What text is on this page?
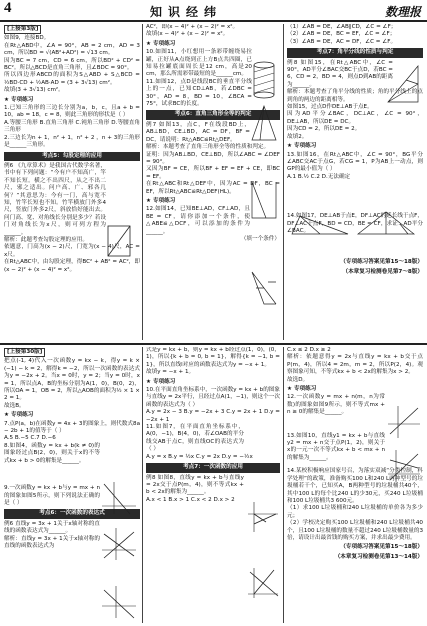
4	知识经纬	数理报
[上接第3版]

如图9，连接BD。

在Rt△ABD中，∠A = 90°，AB = 2 cm，AD = 3 cm，所以BD = √(AB²+AD²) = √13 cm。

因为BC = 7 cm，CD = 6 cm，所以BD² + CD² = BC²。所以△BCD是直角三角形，且∠BDC = 90°。

所以四边形ABCD的面积为S△ABD + S△BCD = ½BD·CD + ½AB·AD = (3 + 3√13) cm²。

故填(3 + 3√13) cm²。

★ 专项练习

1.已知三角形的三边长分别为a，b，c，且a + b = 10，ab = 18，c = 8，则此三角形的形状是（ ）

A.等腰三角形 B.直角三角形 C.钝角三角形 D.等腰直角三角形

2.三边长为n + 1，n² + 1，n² + 2 ，n + 3的三角形是______三角形。

考点5：勾股定理的应用

例6 《九章算术》是我国古代数学名著，书中有下列问题：“今有户不知高广，竿不知长短。横之不出四尺，从之不出二尺，邪之适出。问户高、广、邪各几何？”其意思为：今有一门，高与宽不知，竹竿长短也不知。竹竿横放门外多4尺，竖放门外多2尺，斜放恰好能出去。问门高、宽、对角线长分别是多少？若设门对角线长为x尺，则可列方程为______。

解析：此题考查勾股定理的应用。

依题意，门高为(x − 2)尺，门宽为(x − 4)尺，AC = x尺。

在Rt△ABC中，由勾股定理，得BC² + AB² = AC²，即(x − 2)² + (x − 4)² = x²。

AC²，即(x − 4)² + (x − 2)² = x²。

故填(x − 4)² + (x − 2)² = x²。

★ 专项练习

10.如图11，小红想用一条彩带缠绕易拉罐，正好从A点绕到正上方B点共四圈，已知易拉罐底面周长是12 cm，高是20 cm，那么所需彩带最短的是______cm。

11.如图12，点D是线段BC的垂直平分线上的一点，已知CD⊥AB，若∠DBC = 30°，AD = 8，BD = 10，∠BCA = 75°，试求BC的长度。

考点6：直角三角形全等的判定

例7 如图13，点C，F在线段BD上，AB⊥BD，CE⊥BD，AC = DF，BF = DC，请说明：Rt△ABC≌Rt△DEF。

解析：本题考查了直角三角形全等的性质和判定。

证明：因为AB⊥BD，CE⊥BD，所以∠ABC = ∠DEF = 90°。

又因为BF = CE，所以BF + EF = EF + CE，即BC = EF。

在Rt△ABC和Rt△DEF中，因为AC = DF，BC = EF，所以Rt△ABC≌Rt△DEF(HL)。

★ 专项练习

12.如图14，已知BE⊥AD，CF⊥AD，且BE = CF，请你添加一个条件，使△ABE≌△DCF，可以添加的条件为______。

（填一个条件）

（1）∠AB = DE，∠AB∥CD，∠C = ∠F；

（2）∠AB = DE，BC = EF，∠C = ∠F；

（3）∠AB = DE，AC = DF，∠C = ∠F。

考点7：角平分线的性质与判定

例8 如图15，在Rt△ABC中，∠C = 90°，AD平分∠BAC交BC于点D，若BC = 6，CD = 2，BD = 4，则点D到AB的距离为______。

解析：本题考查了角平分线的性质；角的平分线上的点到角的两边的距离相等。

如图15，过点D作DE⊥AB于点E。

因为AD平分∠BAC，DC⊥AC，∠C = 90°，DE⊥AB，所以DE = DC。

因为CD = 2，所以DE = 2。

故填2。

★ 专项练习

13.如图16，在Rt△ABC中，∠C = 90°，BG平分∠ABC交AC于点G，若CG = 1，P为AB上一动点，则GP的最小值为（ ）

A.1 B.½ C.2 D.无法确定

14.如图17，DE⊥AB于点E，DF⊥AC的延长线于点F，DF⊥AC于点F，BD = CD，BE = CF，求证：AD平分∠BAC。

（专项练习答案见第15～18版）
（本章复习检测卷见第7～8版）
[上接第30版]

把点(-1, 4)代入一次函数y = kx − k，得y = k × (−1) − k = 2，解得k = −2，所以一次函数的表达式为y = −2x + 2。当x = 0时，y = 2；当y = 0时，x = 1，所以点A，B的坐标分别为A(1，0)，B(0，2)，所以OA = 1，OB = 2，所以△AOB的面积为½ × 1 × 2 = 1。

故选B。

★ 专项练习

7.点P(a，b)在函数y = 4x + 3的图象上，则代数式8a − 2b + 1的值等于（ ）

A.5 B.−5 C.7 D.−6

8.如图4，函数y = kx + b(k ≠ 0)的图象经过点B(2，0)，则关于x的不等式kx + b > 0的解集是______。

9.一次函数y = kx + b与y = mx + n的图象如图5所示，则下列说法正确的是（ ）

考点6：一次函数的表达式

例6 直线y = 3x + 1关于x轴对称的直线的函数表达式为______。

解析：直线y = 3x + 1关于x轴对称的直线的函数表达式为

式是y = kx + b，则y = kx + b经过点(1，0)，(0，1)，所以{k + b = 0, b = 1}，解得{k = −1, b = 1}，所以直线l对应的函数表达式为y = −x + 1。

故填y = −x + 1。

★ 专项练习

10.在平面直角坐标系中，一次函数y = kx + b的图象与直线y = 2x平行，且经过点A(1，−1)，则这个一次函数的表达式为（ ）

A.y = 2x − 3 B.y = −2x + 3 C.y = 2x + 1 D.y = −2x + 1

11.如图7，在平面直角坐标系中，A(0，−1)，B(4，0)，若∠OAB的平分线交AB于点C，则直线OC的表达式为（ ）

A.y = x B.y = ½x C.y = 2x D.y = −½x

考点7：一次函数的应用

例8 如图8，直线y = kx + b与直线y = 2x交于点P(m，4)，则不等式kx + b < 2x的解集为______。

A.x < 1 B.x > 1 C.x < 2 D.x > 2

C.x ≤ 2 D.x ≥ 2

解析：依题意得y = 2x与直线y = kx + b交于点P(m，4)，所以4 = 2m，m = 2，所以P(2，4)。观察图象可知，不等式kx + b < 2x的解集为x > 2。

故选D。

★ 专项练习

12.一次函数y = mx + n(m，n为常数)的图象如图9所示，则不等式mx + n ≥ 0的解集是______。

13.如图10，直线y1 = kx + b与直线y2 = mx + n交于点P(1，2)，则关于x的一元一次不等式kx + b < mx + n的解集为______。

14.某校积极响应国家号召，为落实双减“分类控制，科学处理”的政策，准备购买100 L和240 L两种型号的垃圾桶若干个，已知买A，B两种型号的垃圾桶共40个，其中100 L的每个比240 L的少30元，买240 L垃圾桶和100 L垃圾桶共3 600元。

（1）求100 L垃圾桶和240 L垃圾桶的单价各为多少元；

（2）学校决定购买100 L垃圾桶和240 L垃圾桶共40个，且100 L垃圾桶的数量不超过240 L垃圾桶数量的3倍，请设计出最省钱的购买方案，并求出最少费用。

（专项练习答案见第15～18版）
（本章复习检测卷见第13～14版）
